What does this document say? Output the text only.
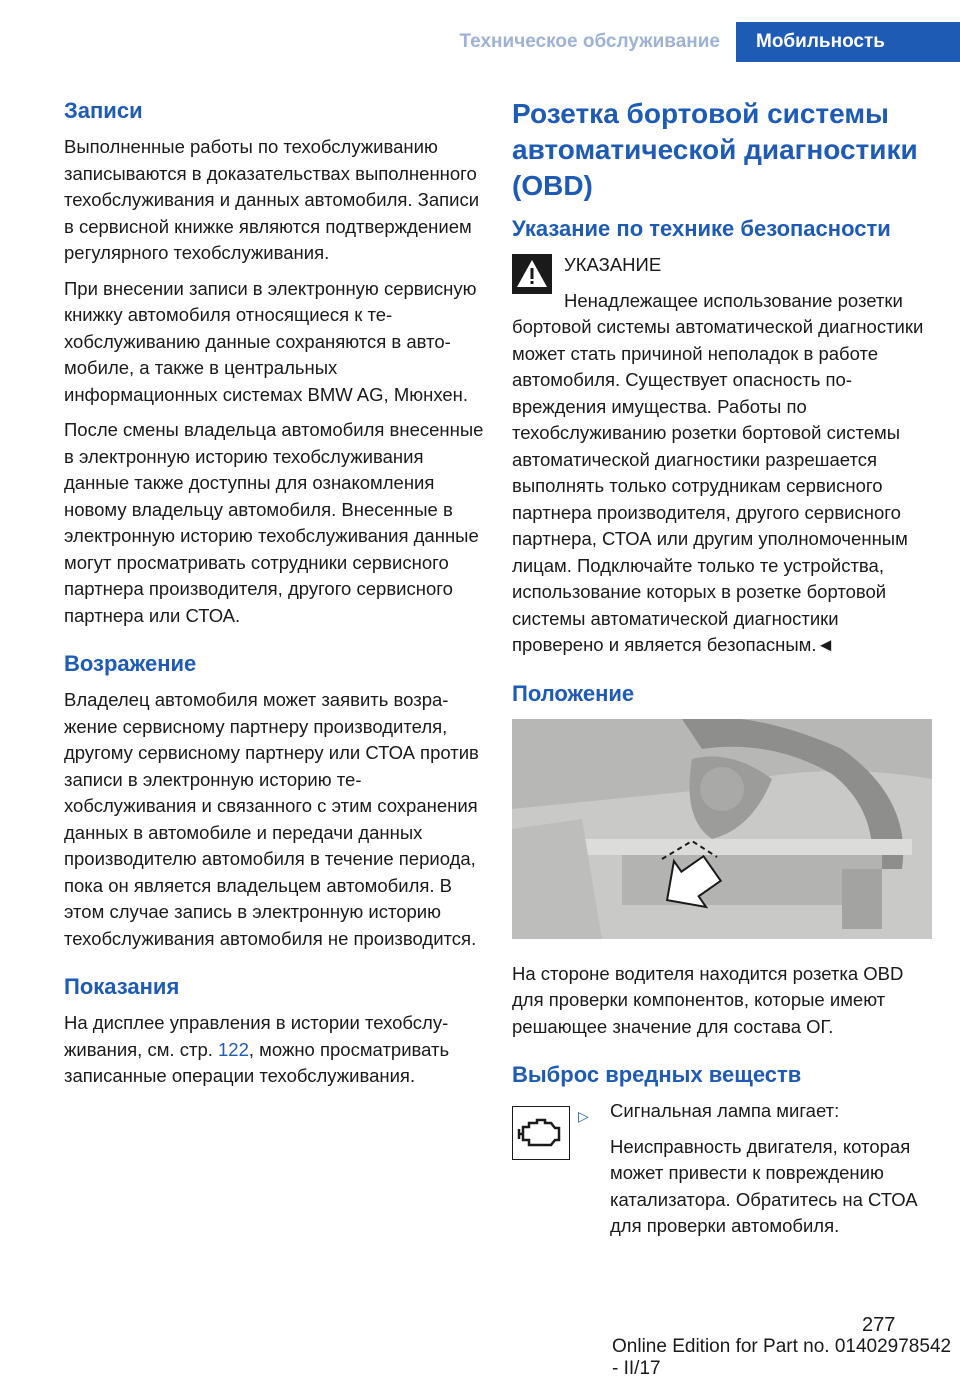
Техническое обслуживание	Мобильность
Записи

Выполненные работы по техобслуживанию записываются в доказательствах выполненного техобслуживания и данных автомобиля. Записи в сервисной книжке являются подтверждением регулярного техобслуживания.

При внесении записи в электронную сервисную книжку автомобиля относящиеся к техобслуживанию данные сохраняются в автомобиле, а также в центральных информационных системах BMW AG, Мюнхен.

После смены владельца автомобиля внесенные в электронную историю техобслуживания данные также доступны для ознакомления новому владельцу автомобиля. Внесенные в электронную историю техобслуживания данные могут просматривать сотрудники сервисного партнера производителя, другого сервисного партнера или СТОА.

Возражение

Владелец автомобиля может заявить возражение сервисному партнеру производителя, другому сервисному партнеру или СТОА против записи в электронную историю техобслуживания и связанного с этим сохранения данных в автомобиле и передачи данных производителю автомобиля в течение периода, пока он является владельцем автомобиля. В этом случае запись в электронную историю техобслуживания автомобиля не производится.

Показания

На дисплее управления в истории техобслуживания, см. стр. 122, можно просматривать записанные операции техобслуживания.

Розетка бортовой системы автоматической диагностики (OBD)
Указание по технике безопасности

УКАЗАНИЕ

Ненадлежащее использование розетки бортовой системы автоматической диагностики может стать причиной неполадок в работе автомобиля. Существует опасность повреждения имущества. Работы по техобслуживанию розетки бортовой системы автоматической диагностики разрешается выполнять только сотрудникам сервисного партнера производителя, другого сервисного партнера, СТОА или другим уполномоченным лицам. Подключайте только те устройства, использование которых в розетке бортовой системы автоматической диагностики проверено и является безопасным.◄

Положение

На стороне водителя находится розетка OBD для проверки компонентов, которые имеют решающее значение для состава ОГ.

Выброс вредных веществ
▷ Сигнальная лампа мигает:

Неисправность двигателя, которая может привести к повреждению катализатора. Обратитесь на СТОА для проверки автомобиля.

277
Online Edition for Part no. 01402978542 - II/17
